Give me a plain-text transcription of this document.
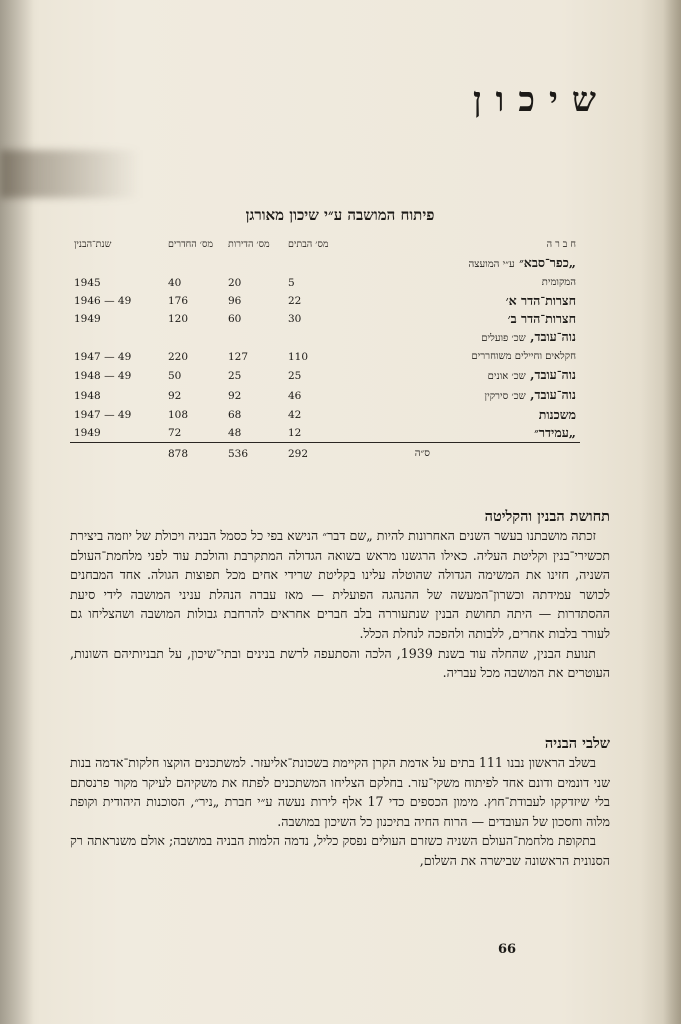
שיכון
פיתוח המושבה ע״י שיכון מאורגן
ח ב ר ה	מס׳ הבתים	מס׳ הדירות	מס׳ החדרים	שנת־הבנין
„כפר־סבא״ ע״י המועצה				
המקומית	5	20	40	1945
חצרות־הדר א׳	22	96	176	49 — 1946
חצרות־הדר ב׳	30	60	120	1949
נוה־עובד, שכ׳ פועלים				
חקלאים וחיילים משוחררים	110	127	220	49 — 1947
נוה־עובד, שכ׳ אונים	25	25	50	49 — 1948
נוה־עובד, שכ׳ סירקין	46	92	92	1948
משכנות	42	68	108	49 — 1947
„עמידר״	12	48	72	1949
ס״ה	292	536	878	
תחושת הבנין והקליטה

זכתה מושבתנו בעשר השנים האחרונות להיות „שם דבר״ הנישא בפי כל כסמל הבניה ויכולת של יוזמה ביצירת תכשירי־בנין וקליטת העליה. כאילו הרגשנו מראש בשואה הגדולה המתקרבת והולכת עוד לפני מלחמת־העולם השניה, חזינו את המשימה הגדולה שהוטלה עלינו בקליטת שרידי אחים מכל תפוצות הגולה. אחד המבחנים לכושר עמידתה וכשרון־המעשה של ההנהגה הפועלית — מאז עברה הנהלת עניני המושבה לידי סיעת ההסתדרות — היתה תחושת הבנין שנתעוררה בלב חברים אחראים להרחבת גבולות המושבה ושהצליחו גם לעורר בלבות אחרים, ללבותה ולהפכה לנחלת הכלל.

תנועת הבנין, שהחלה עוד בשנת 1939, הלכה והסתעפה לרשת בנינים ובתי־שיכון, על תבניותיהם השונות, העוטרים את המושבה מכל עבריה.

שלבי הבניה

בשלב הראשון נבנו 111 בתים על אדמת הקרן הקיימת בשכונת־אליעזר. למשתכנים הוקצו חלקות־אדמה בנות שני דונמים ודונם אחד לפיתוח משקי־עזר. בחלקם הצליחו המשתכנים לפתח את משקיהם לעיקר מקור פרנסתם בלי שיזדקקו לעבודת־חוץ. מימון הכספים כדי 17 אלף לירות נעשה ע״י חברת „ניר״, הסוכנות היהודית וקופת מלוה וחסכון של העובדים — הרוח החיה בתיכנון כל השיכון במושבה.

בתקופת מלחמת־העולם השניה כשזרם העולים נפסק כליל, נדמה הלמות הבניה במושבה; אולם משנראתה רק הסנונית הראשונה שבישרה את השלום,

66
